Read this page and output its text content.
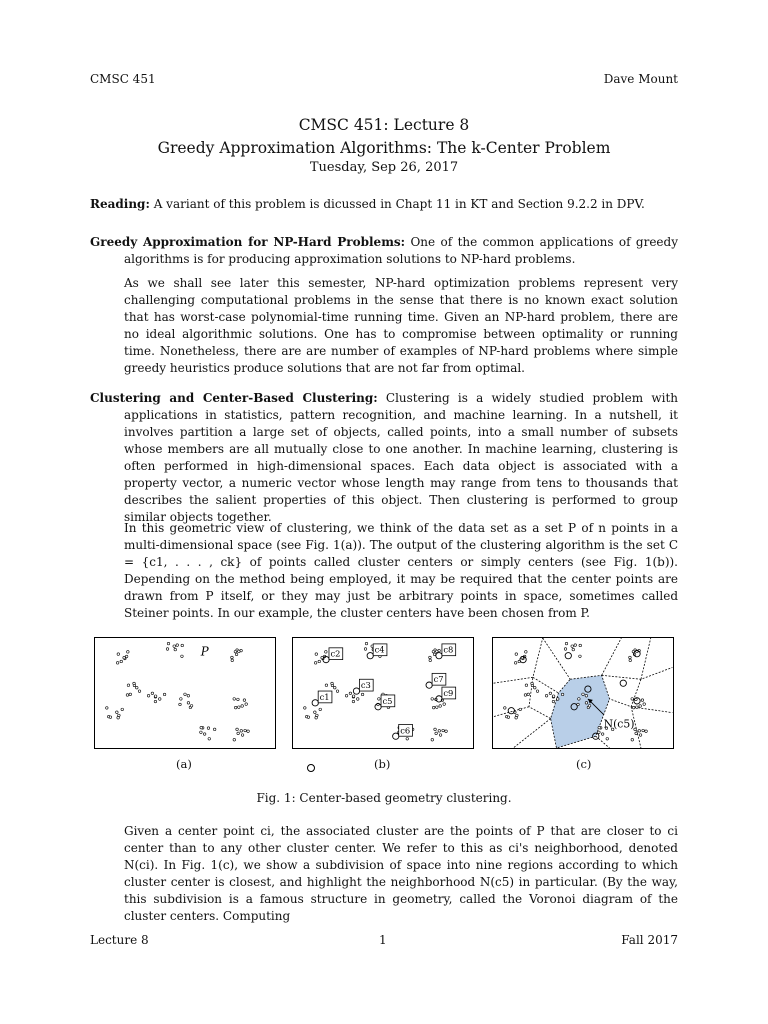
CMSC 451	Dave Mount
CMSC 451: Lecture 8
Greedy Approximation Algorithms: The k-Center Problem
Tuesday, Sep 26, 2017
Reading: A variant of this problem is dicussed in Chapt 11 in KT and Section 9.2.2 in DPV.
Greedy Approximation for NP-Hard Problems: One of the common applications of greedy algorithms is for producing approximation solutions to NP-hard problems.
As we shall see later this semester, NP-hard optimization problems represent very challenging computational problems in the sense that there is no known exact solution that has worst-case polynomial-time running time. Given an NP-hard problem, there are no ideal algorithmic solutions. One has to compromise between optimality or running time. Nonetheless, there are are number of examples of NP-hard problems where simple greedy heuristics produce solutions that are not far from optimal.
Clustering and Center-Based Clustering: Clustering is a widely studied problem with applications in statistics, pattern recognition, and machine learning. In a nutshell, it involves partition a large set of objects, called points, into a small number of subsets whose members are all mutually close to one another. In machine learning, clustering is often performed in high-dimensional spaces. Each data object is associated with a property vector, a numeric vector whose length may range from tens to thousands that describes the salient properties of this object. Then clustering is performed to group similar objects together.
In this geometric view of clustering, we think of the data set as a set P of n points in a multi-dimensional space (see Fig. 1(a)). The output of the clustering algorithm is the set C = {c1, . . . , ck} of points called cluster centers or simply centers (see Fig. 1(b)). Depending on the method being employed, it may be required that the center points are drawn from P itself, or they may just be arbitrary points in space, sometimes called Steiner points. In our example, the cluster centers have been chosen from P.
P	c2	c4	c8
c7
c3
c9
c1	c5
c6	N(c5)
(a)	(b)	(c)
Fig. 1: Center-based geometry clustering.
Given a center point ci, the associated cluster are the points of P that are closer to ci center than to any other cluster center. We refer to this as ci's neighborhood, denoted N(ci). In Fig. 1(c), we show a subdivision of space into nine regions according to which cluster center is closest, and highlight the neighborhood N(c5) in particular. (By the way, this subdivision is a famous structure in geometry, called the Voronoi diagram of the cluster centers. Computing
Lecture 8	1	Fall 2017
